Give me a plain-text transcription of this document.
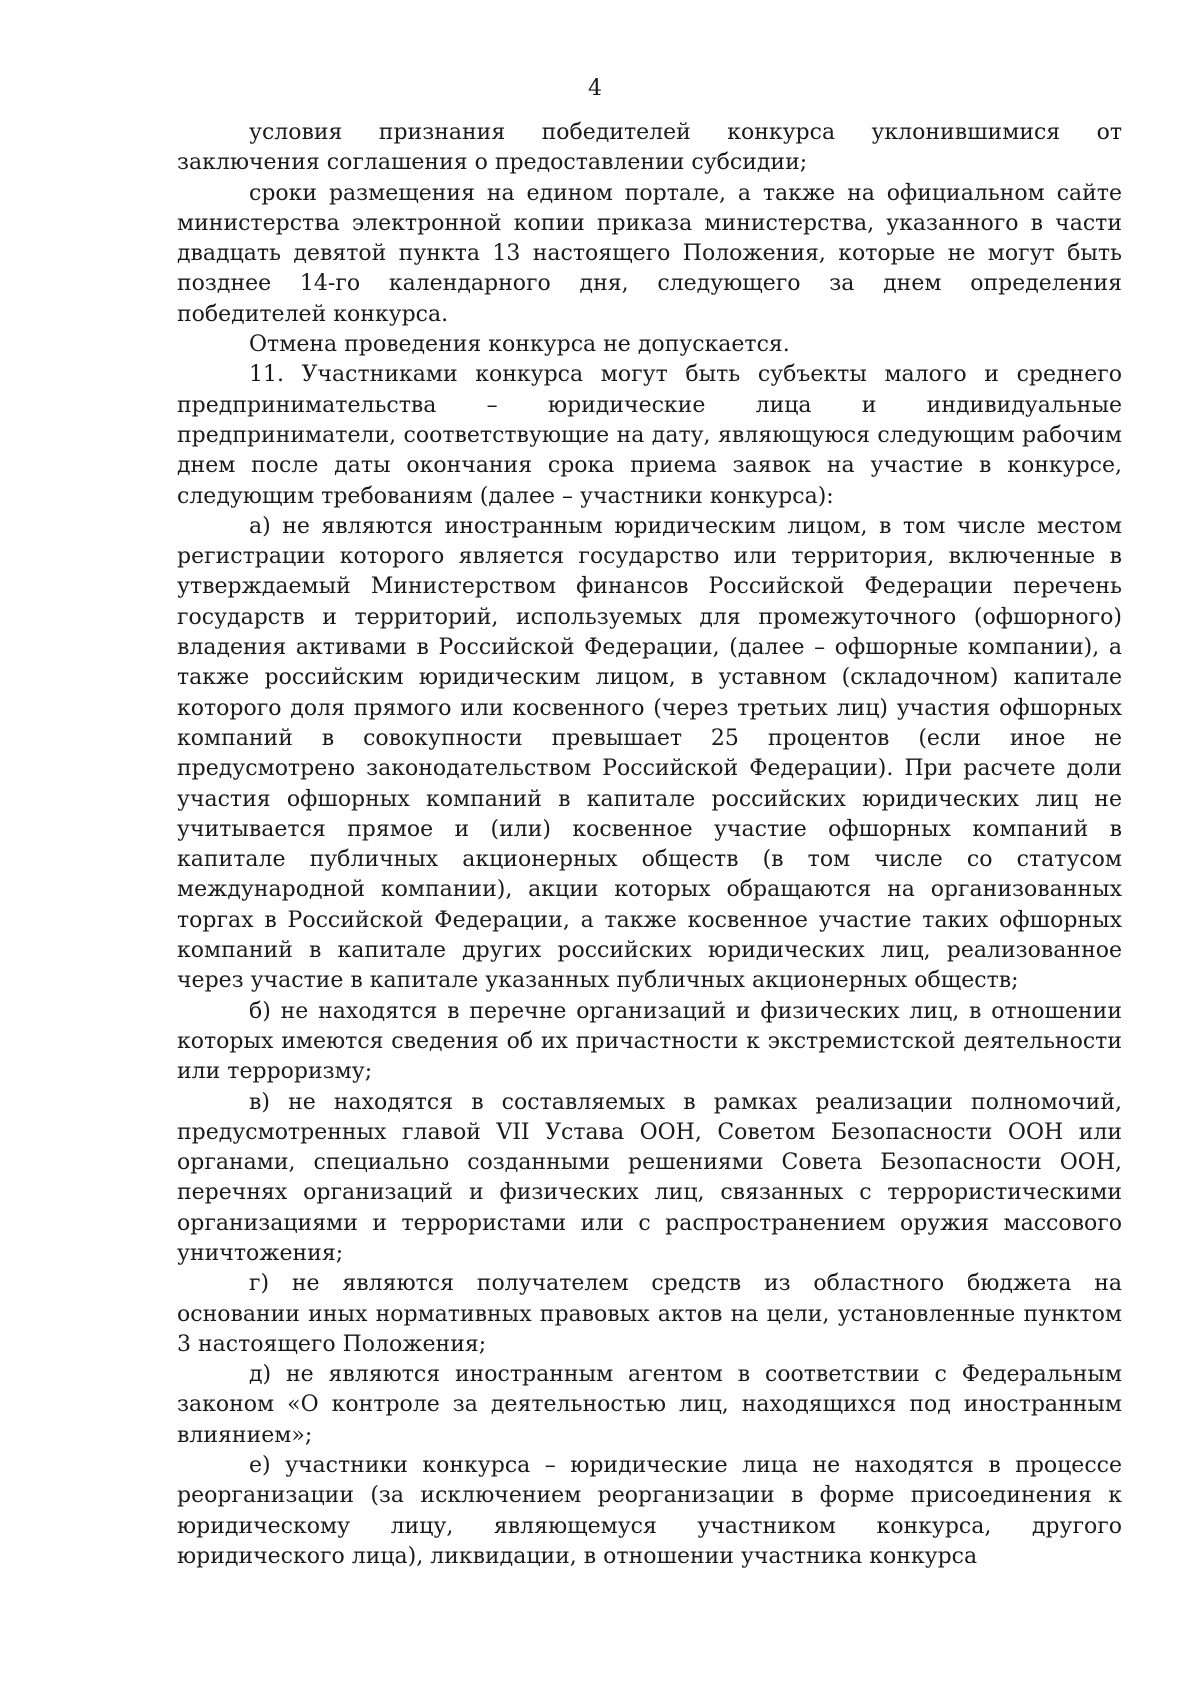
4

условия признания победителей конкурса уклонившимися от заключения соглашения о предоставлении субсидии;

сроки размещения на едином портале, а также на официальном сайте министерства электронной копии приказа министерства, указанного в части двадцать девятой пункта 13 настоящего Положения, которые не могут быть позднее 14-го календарного дня, следующего за днем определения победителей конкурса.

Отмена проведения конкурса не допускается.

11. Участниками конкурса могут быть субъекты малого и среднего предпринимательства – юридические лица и индивидуальные предприниматели, соответствующие на дату, являющуюся следующим рабочим днем после даты окончания срока приема заявок на участие в конкурсе, следующим требованиям (далее – участники конкурса):

а) не являются иностранным юридическим лицом, в том числе местом регистрации которого является государство или территория, включенные в утверждаемый Министерством финансов Российской Федерации перечень государств и территорий, используемых для промежуточного (офшорного) владения активами в Российской Федерации, (далее – офшорные компании), а также российским юридическим лицом, в уставном (складочном) капитале которого доля прямого или косвенного (через третьих лиц) участия офшорных компаний в совокупности превышает 25 процентов (если иное не предусмотрено законодательством Российской Федерации). При расчете доли участия офшорных компаний в капитале российских юридических лиц не учитывается прямое и (или) косвенное участие офшорных компаний в капитале публичных акционерных обществ (в том числе со статусом международной компании), акции которых обращаются на организованных торгах в Российской Федерации, а также косвенное участие таких офшорных компаний в капитале других российских юридических лиц, реализованное через участие в капитале указанных публичных акционерных обществ;

б) не находятся в перечне организаций и физических лиц, в отношении которых имеются сведения об их причастности к экстремистской деятельности или терроризму;

в) не находятся в составляемых в рамках реализации полномочий, предусмотренных главой VII Устава ООН, Советом Безопасности ООН или органами, специально созданными решениями Совета Безопасности ООН, перечнях организаций и физических лиц, связанных с террористическими организациями и террористами или с распространением оружия массового уничтожения;

г) не являются получателем средств из областного бюджета на основании иных нормативных правовых актов на цели, установленные пунктом 3 настоящего Положения;

д) не являются иностранным агентом в соответствии с Федеральным законом «О контроле за деятельностью лиц, находящихся под иностранным влиянием»;

е) участники конкурса – юридические лица не находятся в процессе реорганизации (за исключением реорганизации в форме присоединения к юридическому лицу, являющемуся участником конкурса, другого юридического лица), ликвидации, в отношении участника конкурса
